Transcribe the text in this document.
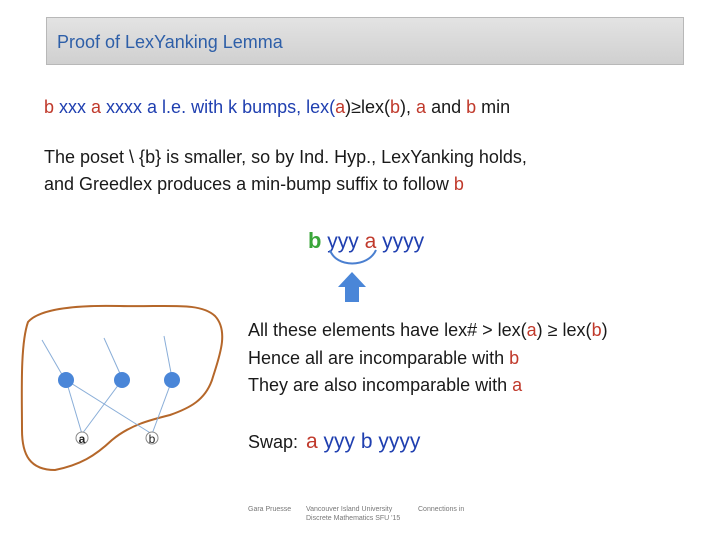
Proof of LexYanking Lemma
b xxx a xxxx a l.e. with k bumps, lex(a)≥lex(b), a and b min
The poset \ {b} is smaller, so by Ind. Hyp., LexYanking holds,
and Greedlex produces a min-bump suffix to follow b
b yyy a yyyy
All these elements have lex# > lex(a) ≥ lex(b)
Hence all are incomparable with b
They are also incomparable with a
Swap: a yyy b yyyy
a	b
Gara Pruesse Vancouver Island University	Connections in
Discrete Mathematics SFU '15
